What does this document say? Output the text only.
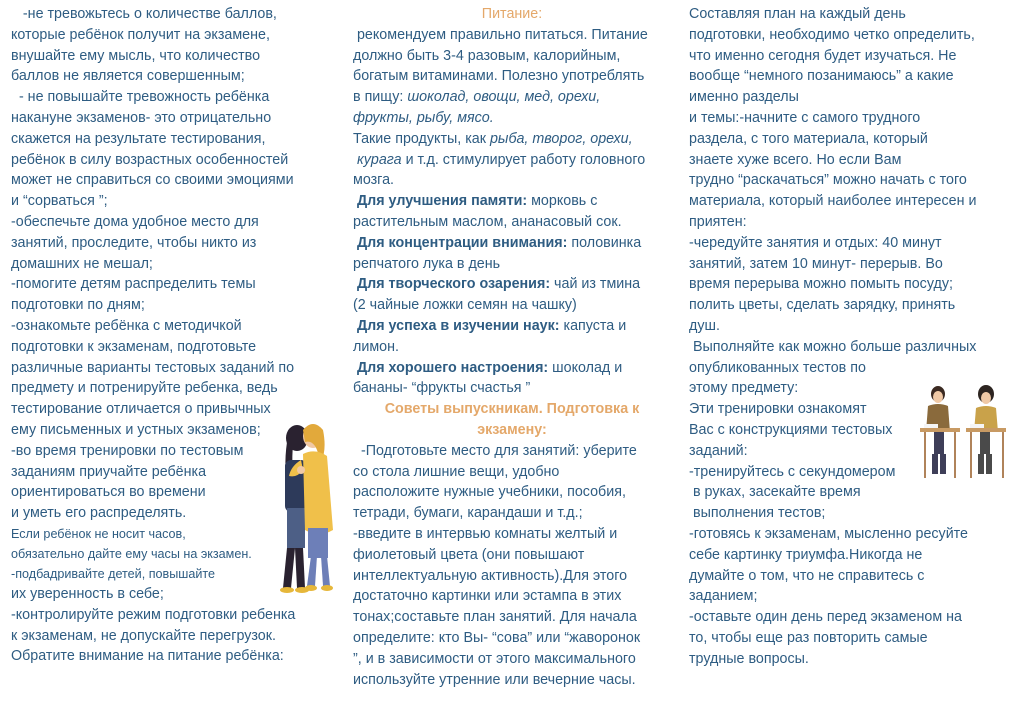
-не тревожьтесь о количестве баллов,
которые ребёнок получит на экзамене,
внушайте ему мысль, что количество
баллов не является совершенным;
- не повышайте тревожность ребёнка
накануне экзаменов- это отрицательно
скажется на результате тестирования,
ребёнок в силу возрастных особенностей
может не справиться со своими эмоциями
и “сорваться ”;
-обеспечьте дома удобное место для
занятий, проследите, чтобы никто из
домашних не мешал;
-помогите детям распределить темы
подготовки по дням;
-ознакомьте ребёнка с методичкой
подготовки к экзаменам, подготовьте
различные варианты тестовых заданий по
предмету и потренируйте ребенка, ведь
тестирование отличается о привычных
ему письменных и устных экзаменов;
-во время тренировки по тестовым
заданиям приучайте ребёнка
ориентироваться во времени
и уметь его распределять.
Если ребёнок не носит часов,
обязательно дайте ему часы на экзамен.
-подбадривайте детей, повышайте
их уверенность в себе;
-контролируйте режим подготовки ребенка
к экзаменам, не допускайте перегрузок.
Обратите внимание на питание ребёнка:
Питание:
рекомендуем правильно питаться. Питание
должно быть 3-4 разовым, калорийным,
богатым витаминами. Полезно употреблять
в пищу: шоколад, овощи, мед, орехи,
фрукты, рыбу, мясо.
Такие продукты, как рыба, творог, орехи,
курага и т.д. стимулирует работу головного
мозга.
Для улучшения памяти: морковь с
растительным маслом, ананасовый сок.
Для концентрации внимания: половинка
репчатого лука в день
Для творческого озарения: чай из тмина
(2 чайные ложки семян на чашку)
Для успеха в изучении наук: капуста и
лимон.
Для хорошего настроения: шоколад и
бананы- “фрукты счастья ”
Советы выпускникам. Подготовка к
экзамену:
-Подготовьте место для занятий: уберите
со стола лишние вещи, удобно
расположите нужные учебники, пособия,
тетради, бумаги, карандаши и т.д.;
-введите в интервью комнаты желтый и
фиолетовый цвета (они повышают
интеллектуальную активность).Для этого
достаточно картинки или эстампа в этих
тонах;составьте план занятий. Для начала
определите: кто Вы- “сова” или “жаворонок
”, и в зависимости от этого максимального
используйте утренние или вечерние часы.
Составляя план на каждый день
подготовки, необходимо четко определить,
что именно сегодня будет изучаться. Не
вообще “немного позанимаюсь” а какие
именно разделы
и темы:-начните с самого трудного
раздела, с того материала, который
знаете хуже всего. Но если Вам
трудно “раскачаться” можно начать с того
материала, который наиболее интересен и
приятен:
-чередуйте занятия и отдых: 40 минут
занятий, затем 10 минут- перерыв. Во
время перерыва можно помыть посуду;
полить цветы, сделать зарядку, принять
душ.
Выполняйте как можно больше различных
опубликованных тестов по
этому предмету:
Эти тренировки ознакомят
Вас с конструкциями тестовых
заданий:
-тренируйтесь с секундомером
в руках, засекайте время
выполнения тестов;
-готовясь к экзаменам, мысленно ресуйте
себе картинку триумфа.Никогда не
думайте о том, что не справитесь с
заданием;
-оставьте один день перед экзаменом на
то, чтобы еще раз повторить самые
трудные вопросы.
